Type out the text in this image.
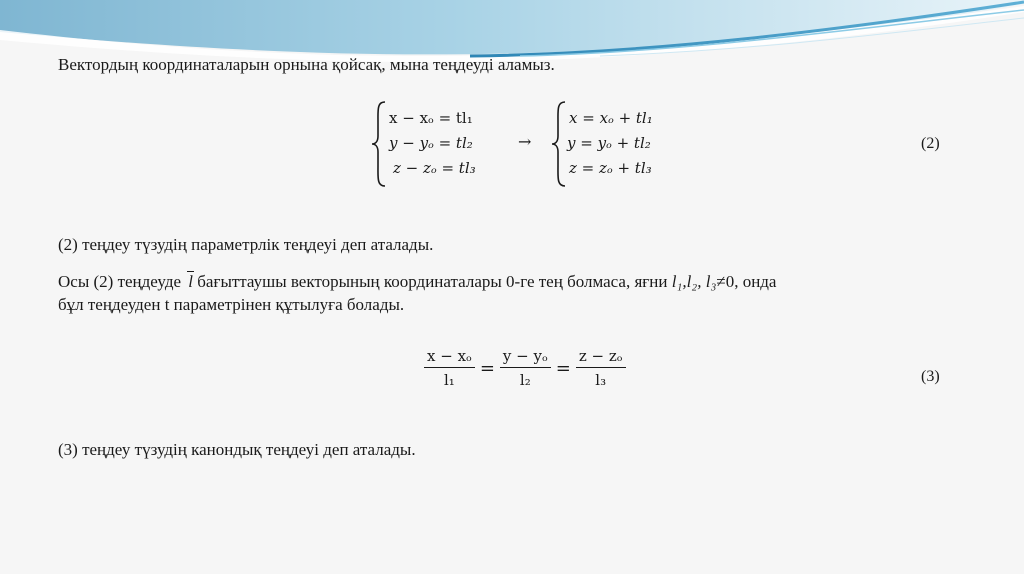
Вектордың координаталарын орнына қойсақ, мына теңдеуді аламыз.
x − xₒ = tl₁
y − yₒ = tl₂
z − zₒ = tl₃
→
x = xₒ + tl₁
y = yₒ + tl₂
z = zₒ + tl₃
(2)
(2) теңдеу түзудің параметрлік теңдеуі деп аталады.
Осы (2) теңдеуде l бағыттаушы векторының координаталары 0-ге тең болмаса, яғни l₁,l₂, l₃≠0, онда
бұл теңдеуден t параметрінен құтылуға болады.
$\frac{\text{x − xₒ}}{\text{l₁}} = \frac{\text{y − yₒ}}{\text{l₂}} = \frac{\text{z − zₒ}}{\text{l₃}}$	(3)
(3) теңдеу түзудің канондық теңдеуі деп аталады.
